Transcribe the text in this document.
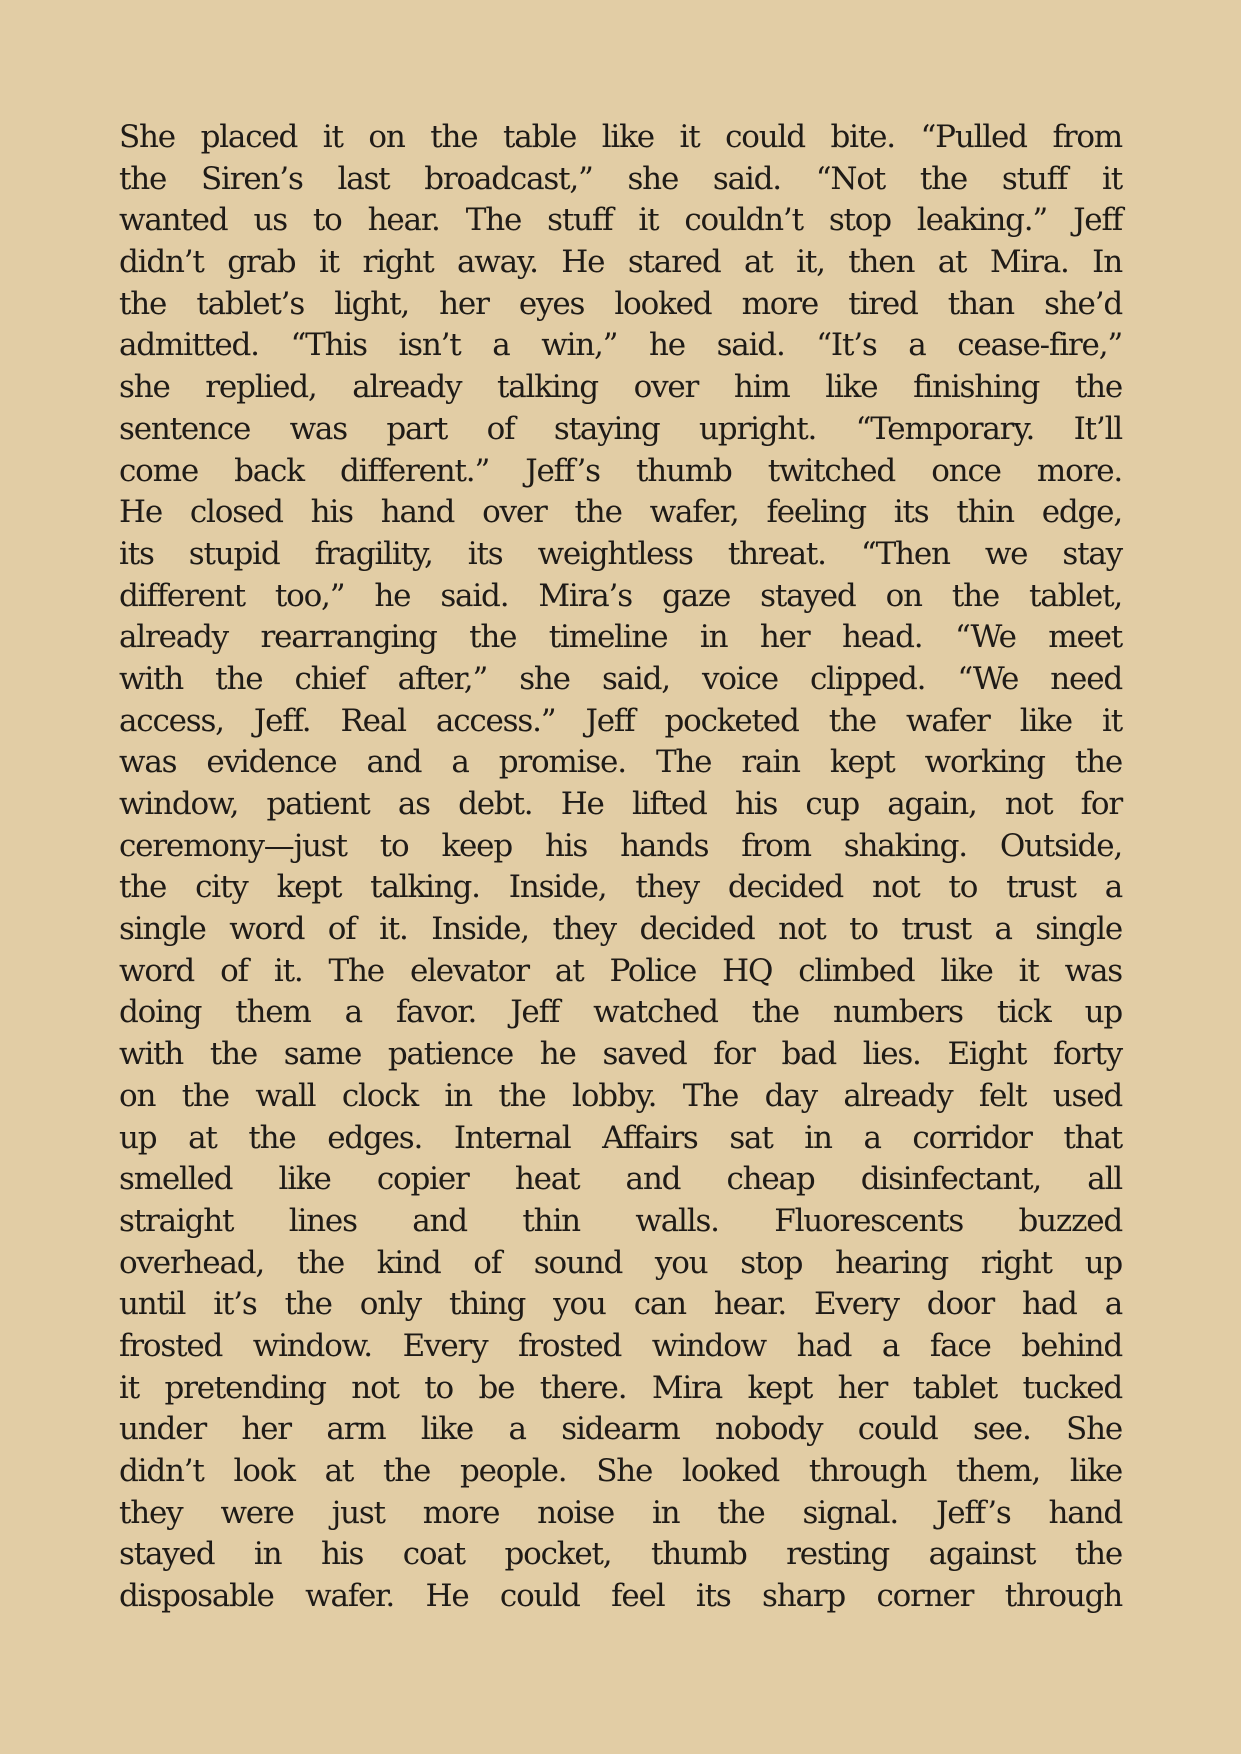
She placed it on the table like it could bite. “Pulled from
the Siren’s last broadcast,” she said. “Not the stuff it
wanted us to hear. The stuff it couldn’t stop leaking.” Jeff
didn’t grab it right away. He stared at it, then at Mira. In
the tablet’s light, her eyes looked more tired than she’d
admitted. “This isn’t a win,” he said. “It’s a cease-fire,”
she replied, already talking over him like finishing the
sentence was part of staying upright. “Temporary. It’ll
come back different.” Jeff’s thumb twitched once more.
He closed his hand over the wafer, feeling its thin edge,
its stupid fragility, its weightless threat. “Then we stay
different too,” he said. Mira’s gaze stayed on the tablet,
already rearranging the timeline in her head. “We meet
with the chief after,” she said, voice clipped. “We need
access, Jeff. Real access.” Jeff pocketed the wafer like it
was evidence and a promise. The rain kept working the
window, patient as debt. He lifted his cup again, not for
ceremony—just to keep his hands from shaking. Outside,
the city kept talking. Inside, they decided not to trust a
single word of it. Inside, they decided not to trust a single
word of it. The elevator at Police HQ climbed like it was
doing them a favor. Jeff watched the numbers tick up
with the same patience he saved for bad lies. Eight forty
on the wall clock in the lobby. The day already felt used
up at the edges. Internal Affairs sat in a corridor that
smelled like copier heat and cheap disinfectant, all
straight lines and thin walls. Fluorescents buzzed
overhead, the kind of sound you stop hearing right up
until it’s the only thing you can hear. Every door had a
frosted window. Every frosted window had a face behind
it pretending not to be there. Mira kept her tablet tucked
under her arm like a sidearm nobody could see. She
didn’t look at the people. She looked through them, like
they were just more noise in the signal. Jeff’s hand
stayed in his coat pocket, thumb resting against the
disposable wafer. He could feel its sharp corner through
